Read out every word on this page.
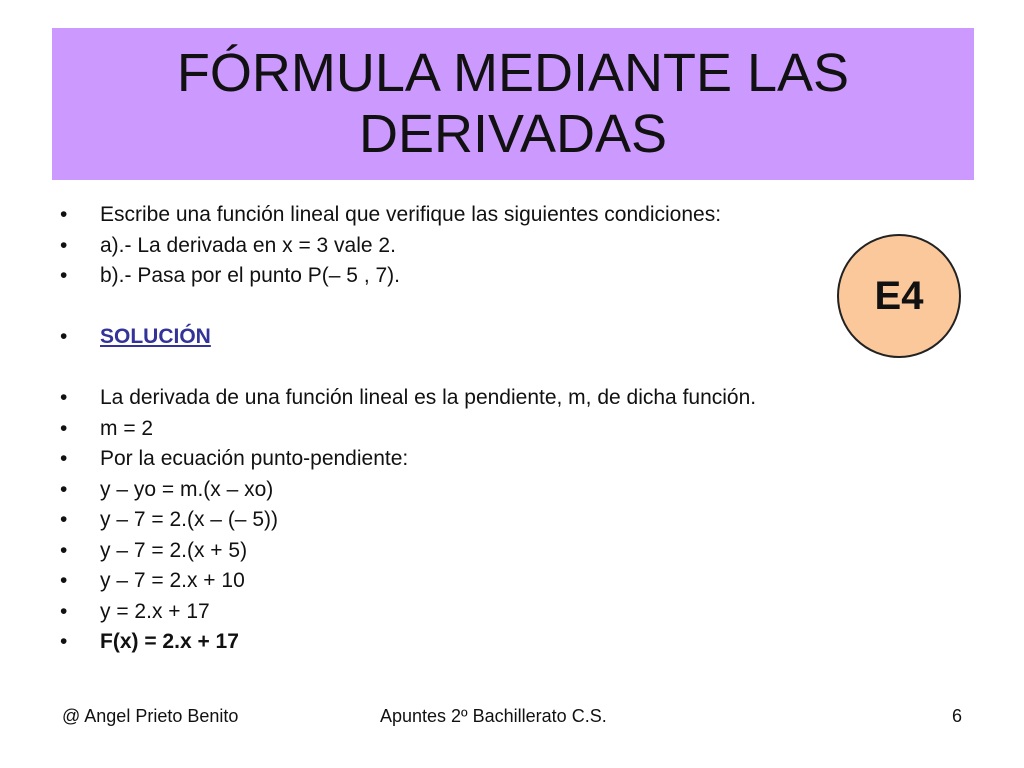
FÓRMULA MEDIANTE LAS DERIVADAS
• Escribe una función lineal que verifique las siguientes condiciones:
• a).- La derivada en x = 3 vale 2.
• b).- Pasa por el punto P(– 5 , 7).
• SOLUCIÓN
• La derivada de una función lineal es la pendiente, m, de dicha función.
• m = 2
• Por la ecuación punto-pendiente:
• y – yo = m.(x – xo)
• y – 7 = 2.(x – (– 5))
• y – 7 = 2.(x + 5)
• y – 7 = 2.x + 10
• y = 2.x + 17
• F(x) = 2.x + 17
E4
@ Angel Prieto Benito	Apuntes 2º Bachillerato C.S.	6
